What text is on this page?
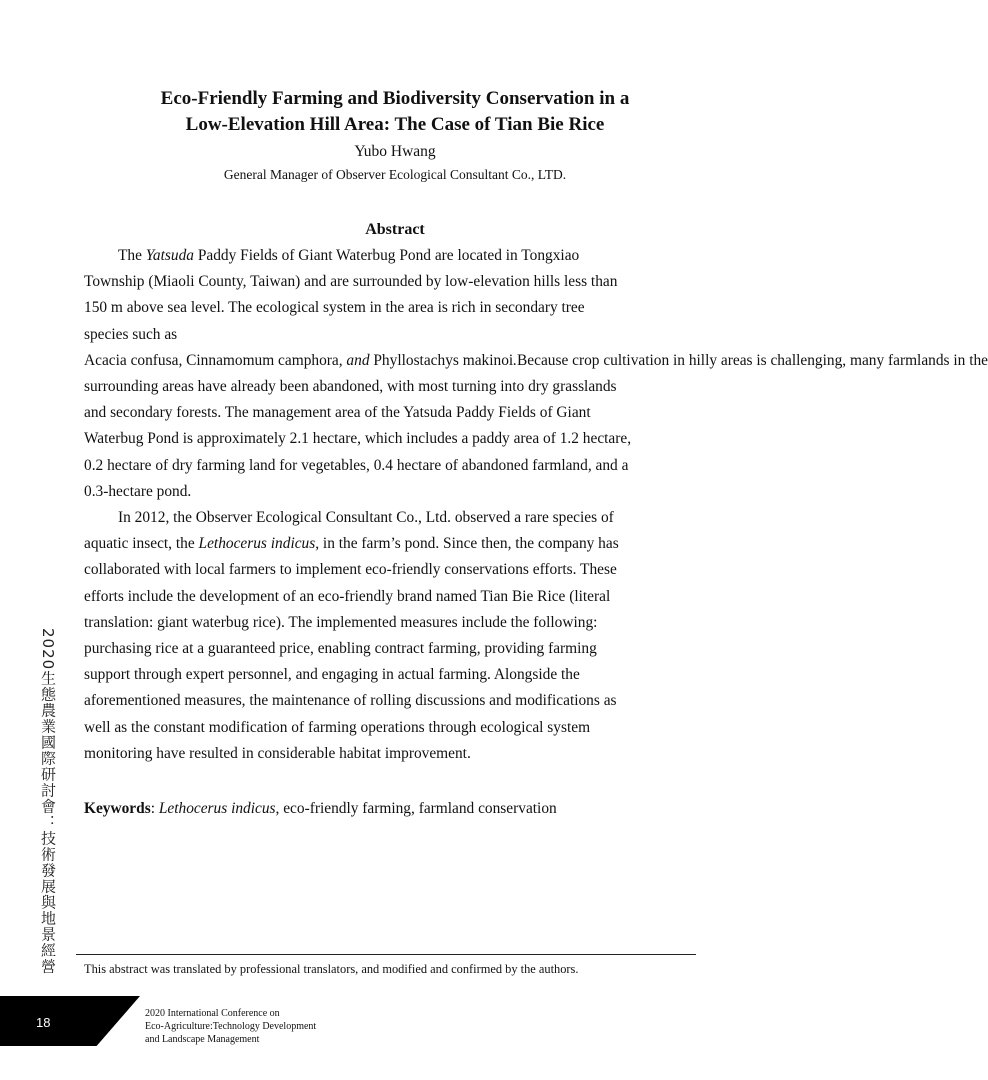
Eco-Friendly Farming and Biodiversity Conservation in a
Low-Elevation Hill Area: The Case of Tian Bie Rice
Yubo Hwang
General Manager of Observer Ecological Consultant Co., LTD.
Abstract
The Yatsuda Paddy Fields of Giant Waterbug Pond are located in Tongxiao
Township (Miaoli County, Taiwan) and are surrounded by low-elevation hills less than
150 m above sea level. The ecological system in the area is rich in secondary tree
species such as
Acacia confusa, Cinnamomum camphora, and Phyllostachys makinoi.Because crop cultivation in hilly areas is challenging, many farmlands in the
surrounding areas have already been abandoned, with most turning into dry grasslands
and secondary forests. The management area of the Yatsuda Paddy Fields of Giant
Waterbug Pond is approximately 2.1 hectare, which includes a paddy area of 1.2 hectare,
0.2 hectare of dry farming land for vegetables, 0.4 hectare of abandoned farmland, and a
0.3-hectare pond.
In 2012, the Observer Ecological Consultant Co., Ltd. observed a rare species of
aquatic insect, the Lethocerus indicus, in the farm’s pond. Since then, the company has
collaborated with local farmers to implement eco-friendly conservations efforts. These
efforts include the development of an eco-friendly brand named Tian Bie Rice (literal
translation: giant waterbug rice). The implemented measures include the following:
purchasing rice at a guaranteed price, enabling contract farming, providing farming
support through expert personnel, and engaging in actual farming. Alongside the
aforementioned measures, the maintenance of rolling discussions and modifications as
well as the constant modification of farming operations through ecological system
monitoring have resulted in considerable habitat improvement.
Keywords: Lethocerus indicus, eco-friendly farming, farmland conservation
This abstract was translated by professional translators, and modified and confirmed by the authors.
2020生態農業國際研討會：技術發展與地景經營
18
2020 International Conference on
Eco-Agriculture:Technology Development
and Landscape Management
